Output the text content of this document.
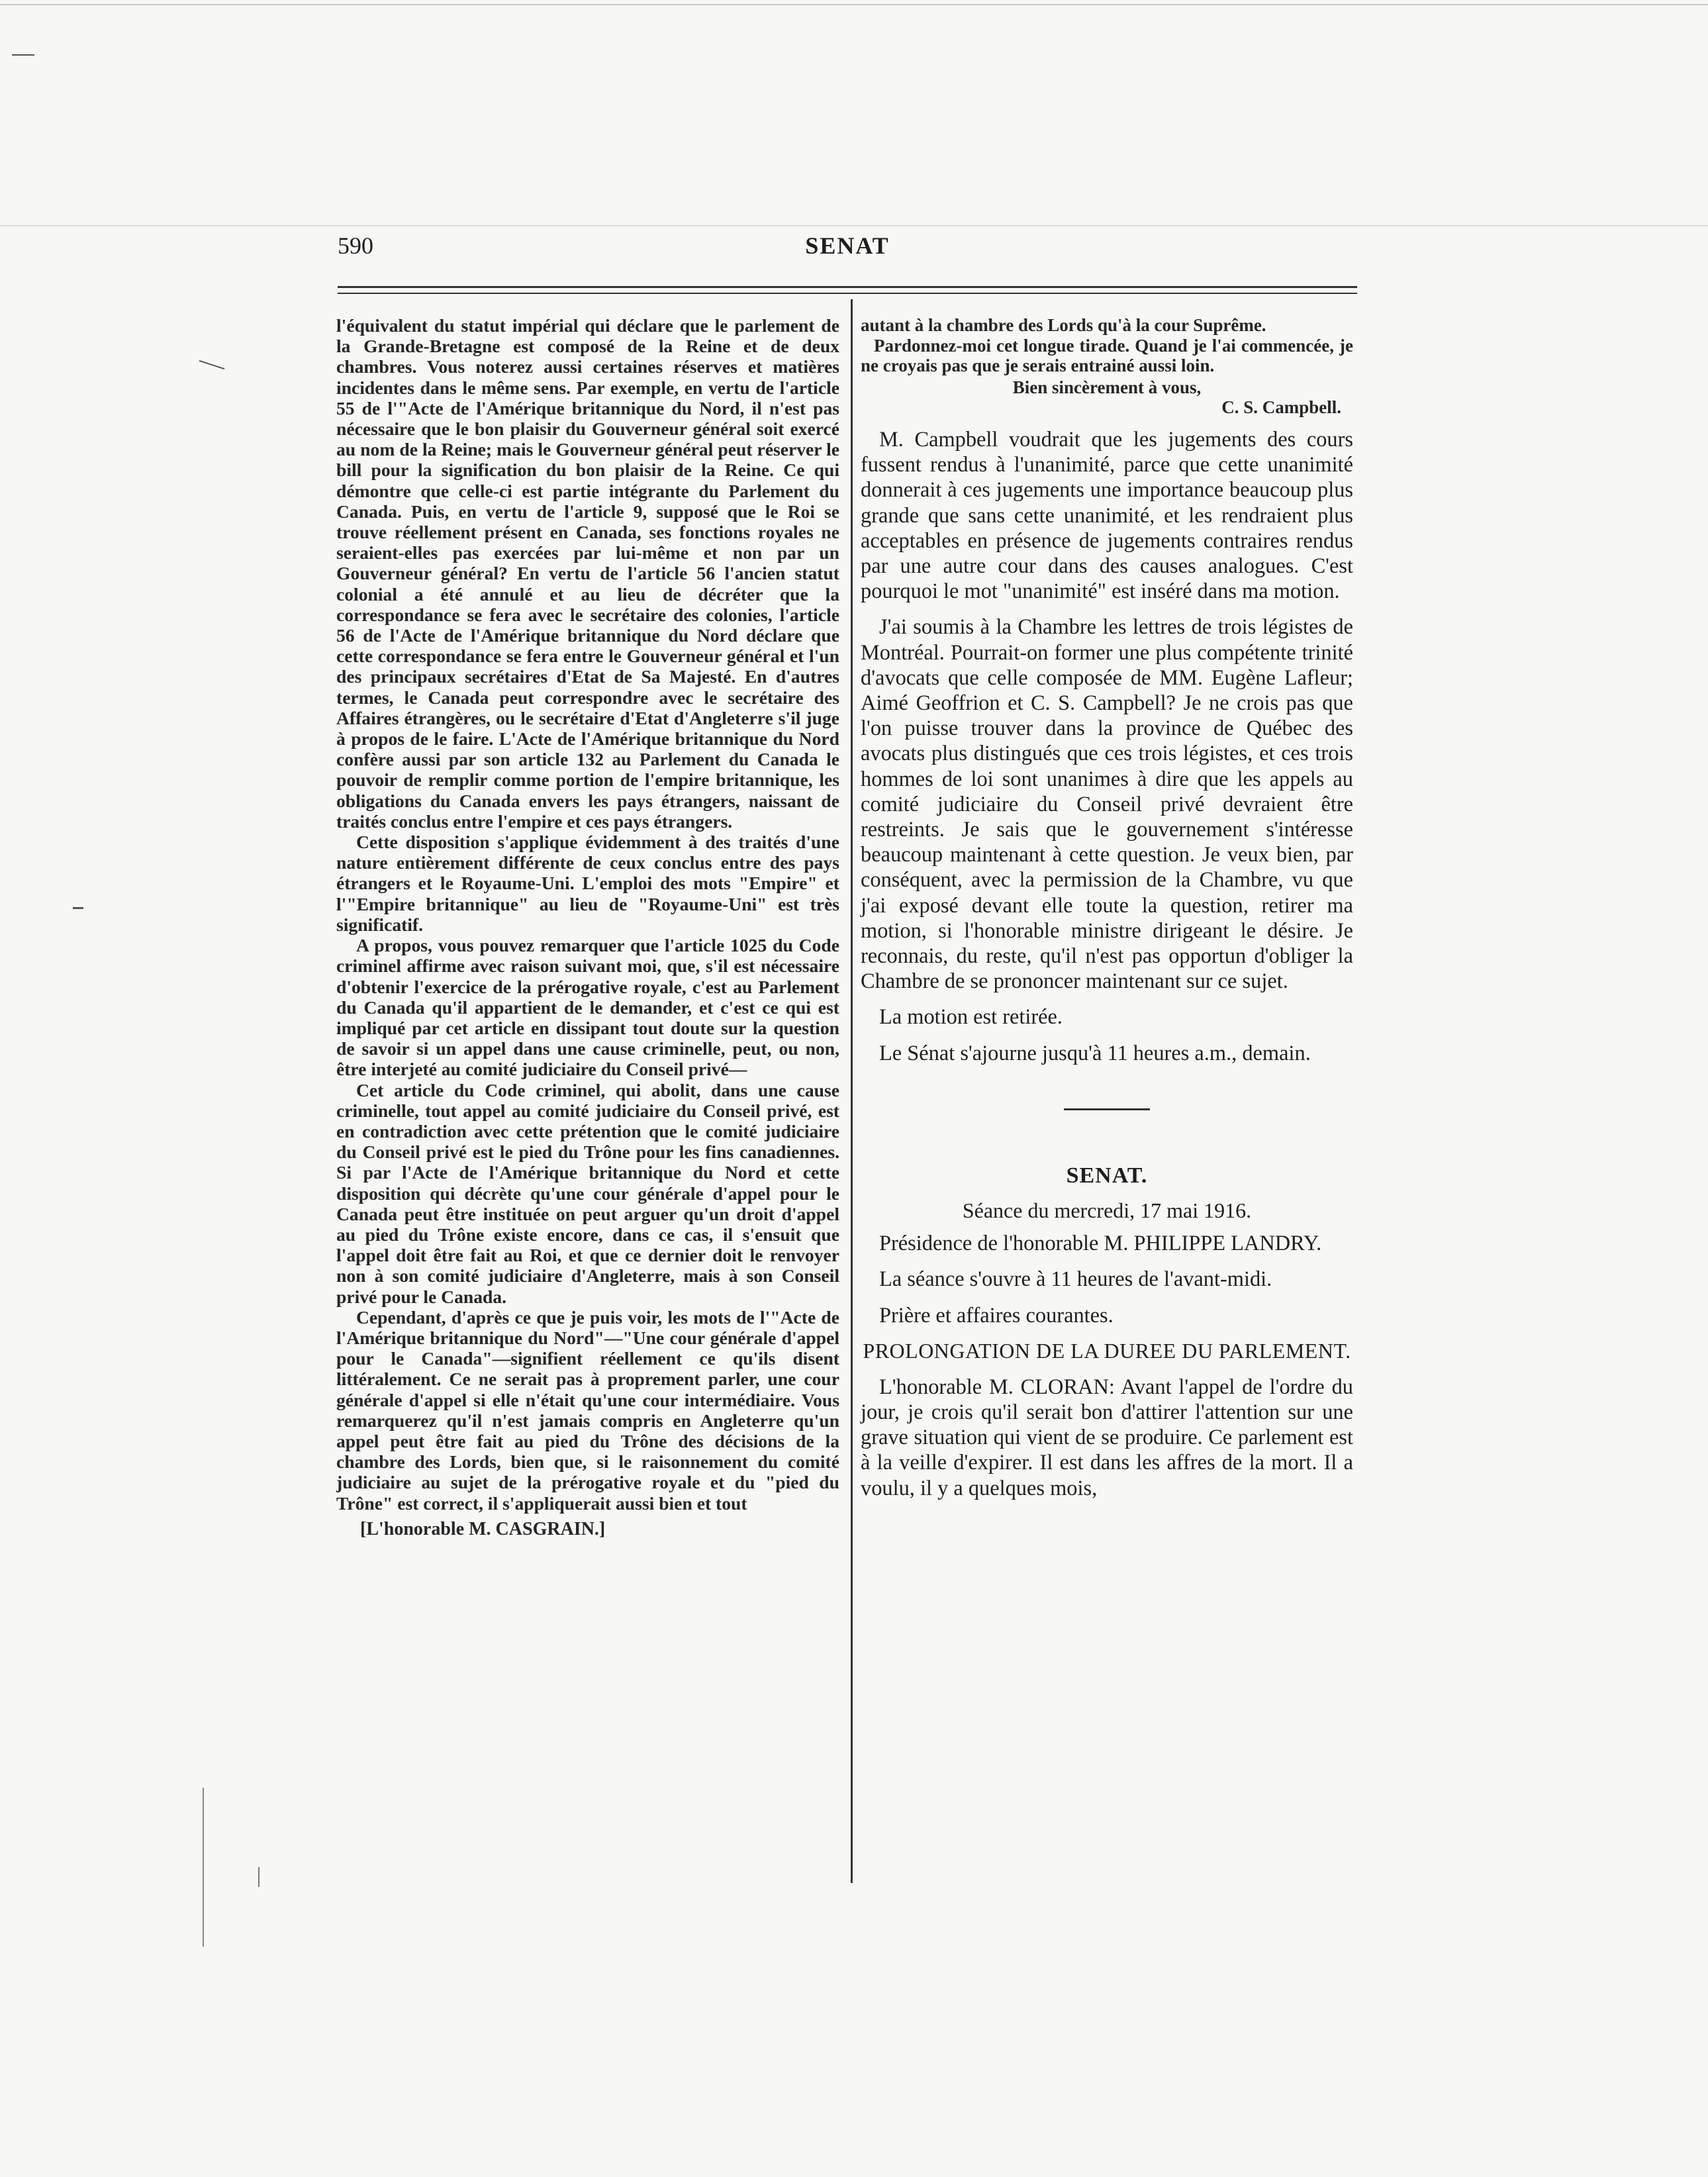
590	SENAT

l'équivalent du statut impérial qui déclare que le parlement de la Grande-Bretagne est composé de la Reine et de deux chambres. Vous noterez aussi certaines réserves et matières incidentes dans le même sens. Par exemple, en vertu de l'article 55 de l'"Acte de l'Amérique britannique du Nord, il n'est pas nécessaire que le bon plaisir du Gouverneur général soit exercé au nom de la Reine; mais le Gouverneur général peut réserver le bill pour la signification du bon plaisir de la Reine. Ce qui démontre que celle-ci est partie intégrante du Parlement du Canada. Puis, en vertu de l'article 9, supposé que le Roi se trouve réellement présent en Canada, ses fonctions royales ne seraient-elles pas exercées par lui-même et non par un Gouverneur général? En vertu de l'article 56 l'ancien statut colonial a été annulé et au lieu de décréter que la correspondance se fera avec le secrétaire des colonies, l'article 56 de l'Acte de l'Amérique britannique du Nord déclare que cette correspondance se fera entre le Gouverneur général et l'un des principaux secrétaires d'Etat de Sa Majesté. En d'autres termes, le Canada peut correspondre avec le secrétaire des Affaires étrangères, ou le secrétaire d'Etat d'Angleterre s'il juge à propos de le faire. L'Acte de l'Amérique britannique du Nord confère aussi par son article 132 au Parlement du Canada le pouvoir de remplir comme portion de l'empire britannique, les obligations du Canada envers les pays étrangers, naissant de traités conclus entre l'empire et ces pays étrangers.

Cette disposition s'applique évidemment à des traités d'une nature entièrement différente de ceux conclus entre des pays étrangers et le Royaume-Uni. L'emploi des mots "Empire" et l'"Empire britannique" au lieu de "Royaume-Uni" est très significatif.

A propos, vous pouvez remarquer que l'article 1025 du Code criminel affirme avec raison suivant moi, que, s'il est nécessaire d'obtenir l'exercice de la prérogative royale, c'est au Parlement du Canada qu'il appartient de le demander, et c'est ce qui est impliqué par cet article en dissipant tout doute sur la question de savoir si un appel dans une cause criminelle, peut, ou non, être interjeté au comité judiciaire du Conseil privé—

Cet article du Code criminel, qui abolit, dans une cause criminelle, tout appel au comité judiciaire du Conseil privé, est en contradiction avec cette prétention que le comité judiciaire du Conseil privé est le pied du Trône pour les fins canadiennes. Si par l'Acte de l'Amérique britannique du Nord et cette disposition qui décrète qu'une cour générale d'appel pour le Canada peut être instituée on peut arguer qu'un droit d'appel au pied du Trône existe encore, dans ce cas, il s'ensuit que l'appel doit être fait au Roi, et que ce dernier doit le renvoyer non à son comité judiciaire d'Angleterre, mais à son Conseil privé pour le Canada.

Cependant, d'après ce que je puis voir, les mots de l'"Acte de l'Amérique britannique du Nord"—"Une cour générale d'appel pour le Canada"—signifient réellement ce qu'ils disent littéralement. Ce ne serait pas à proprement parler, une cour générale d'appel si elle n'était qu'une cour intermédiaire. Vous remarquerez qu'il n'est jamais compris en Angleterre qu'un appel peut être fait au pied du Trône des décisions de la chambre des Lords, bien que, si le raisonnement du comité judiciaire au sujet de la prérogative royale et du "pied du Trône" est correct, il s'appliquerait aussi bien et tout

[L'honorable M. CASGRAIN.]

autant à la chambre des Lords qu'à la cour Suprême.

Pardonnez-moi cet longue tirade. Quand je l'ai commencée, je ne croyais pas que je serais entrainé aussi loin.

Bien sincèrement à vous,

C. S. Campbell.

M. Campbell voudrait que les jugements des cours fussent rendus à l'unanimité, parce que cette unanimité donnerait à ces jugements une importance beaucoup plus grande que sans cette unanimité, et les rendraient plus acceptables en présence de jugements contraires rendus par une autre cour dans des causes analogues. C'est pourquoi le mot "unanimité" est inséré dans ma motion.

J'ai soumis à la Chambre les lettres de trois légistes de Montréal. Pourrait-on former une plus compétente trinité d'avocats que celle composée de MM. Eugène Lafleur; Aimé Geoffrion et C. S. Campbell? Je ne crois pas que l'on puisse trouver dans la province de Québec des avocats plus distingués que ces trois légistes, et ces trois hommes de loi sont unanimes à dire que les appels au comité judiciaire du Conseil privé devraient être restreints. Je sais que le gouvernement s'intéresse beaucoup maintenant à cette question. Je veux bien, par conséquent, avec la permission de la Chambre, vu que j'ai exposé devant elle toute la question, retirer ma motion, si l'honorable ministre dirigeant le désire. Je reconnais, du reste, qu'il n'est pas opportun d'obliger la Chambre de se prononcer maintenant sur ce sujet.

La motion est retirée.

Le Sénat s'ajourne jusqu'à 11 heures a.m., demain.

SENAT.
Séance du mercredi, 17 mai 1916.

Présidence de l'honorable M. PHILIPPE LANDRY.

La séance s'ouvre à 11 heures de l'avant-midi.

Prière et affaires courantes.

PROLONGATION DE LA DUREE DU PARLEMENT.

L'honorable M. CLORAN: Avant l'appel de l'ordre du jour, je crois qu'il serait bon d'attirer l'attention sur une grave situation qui vient de se produire. Ce parlement est à la veille d'expirer. Il est dans les affres de la mort. Il a voulu, il y a quelques mois,
